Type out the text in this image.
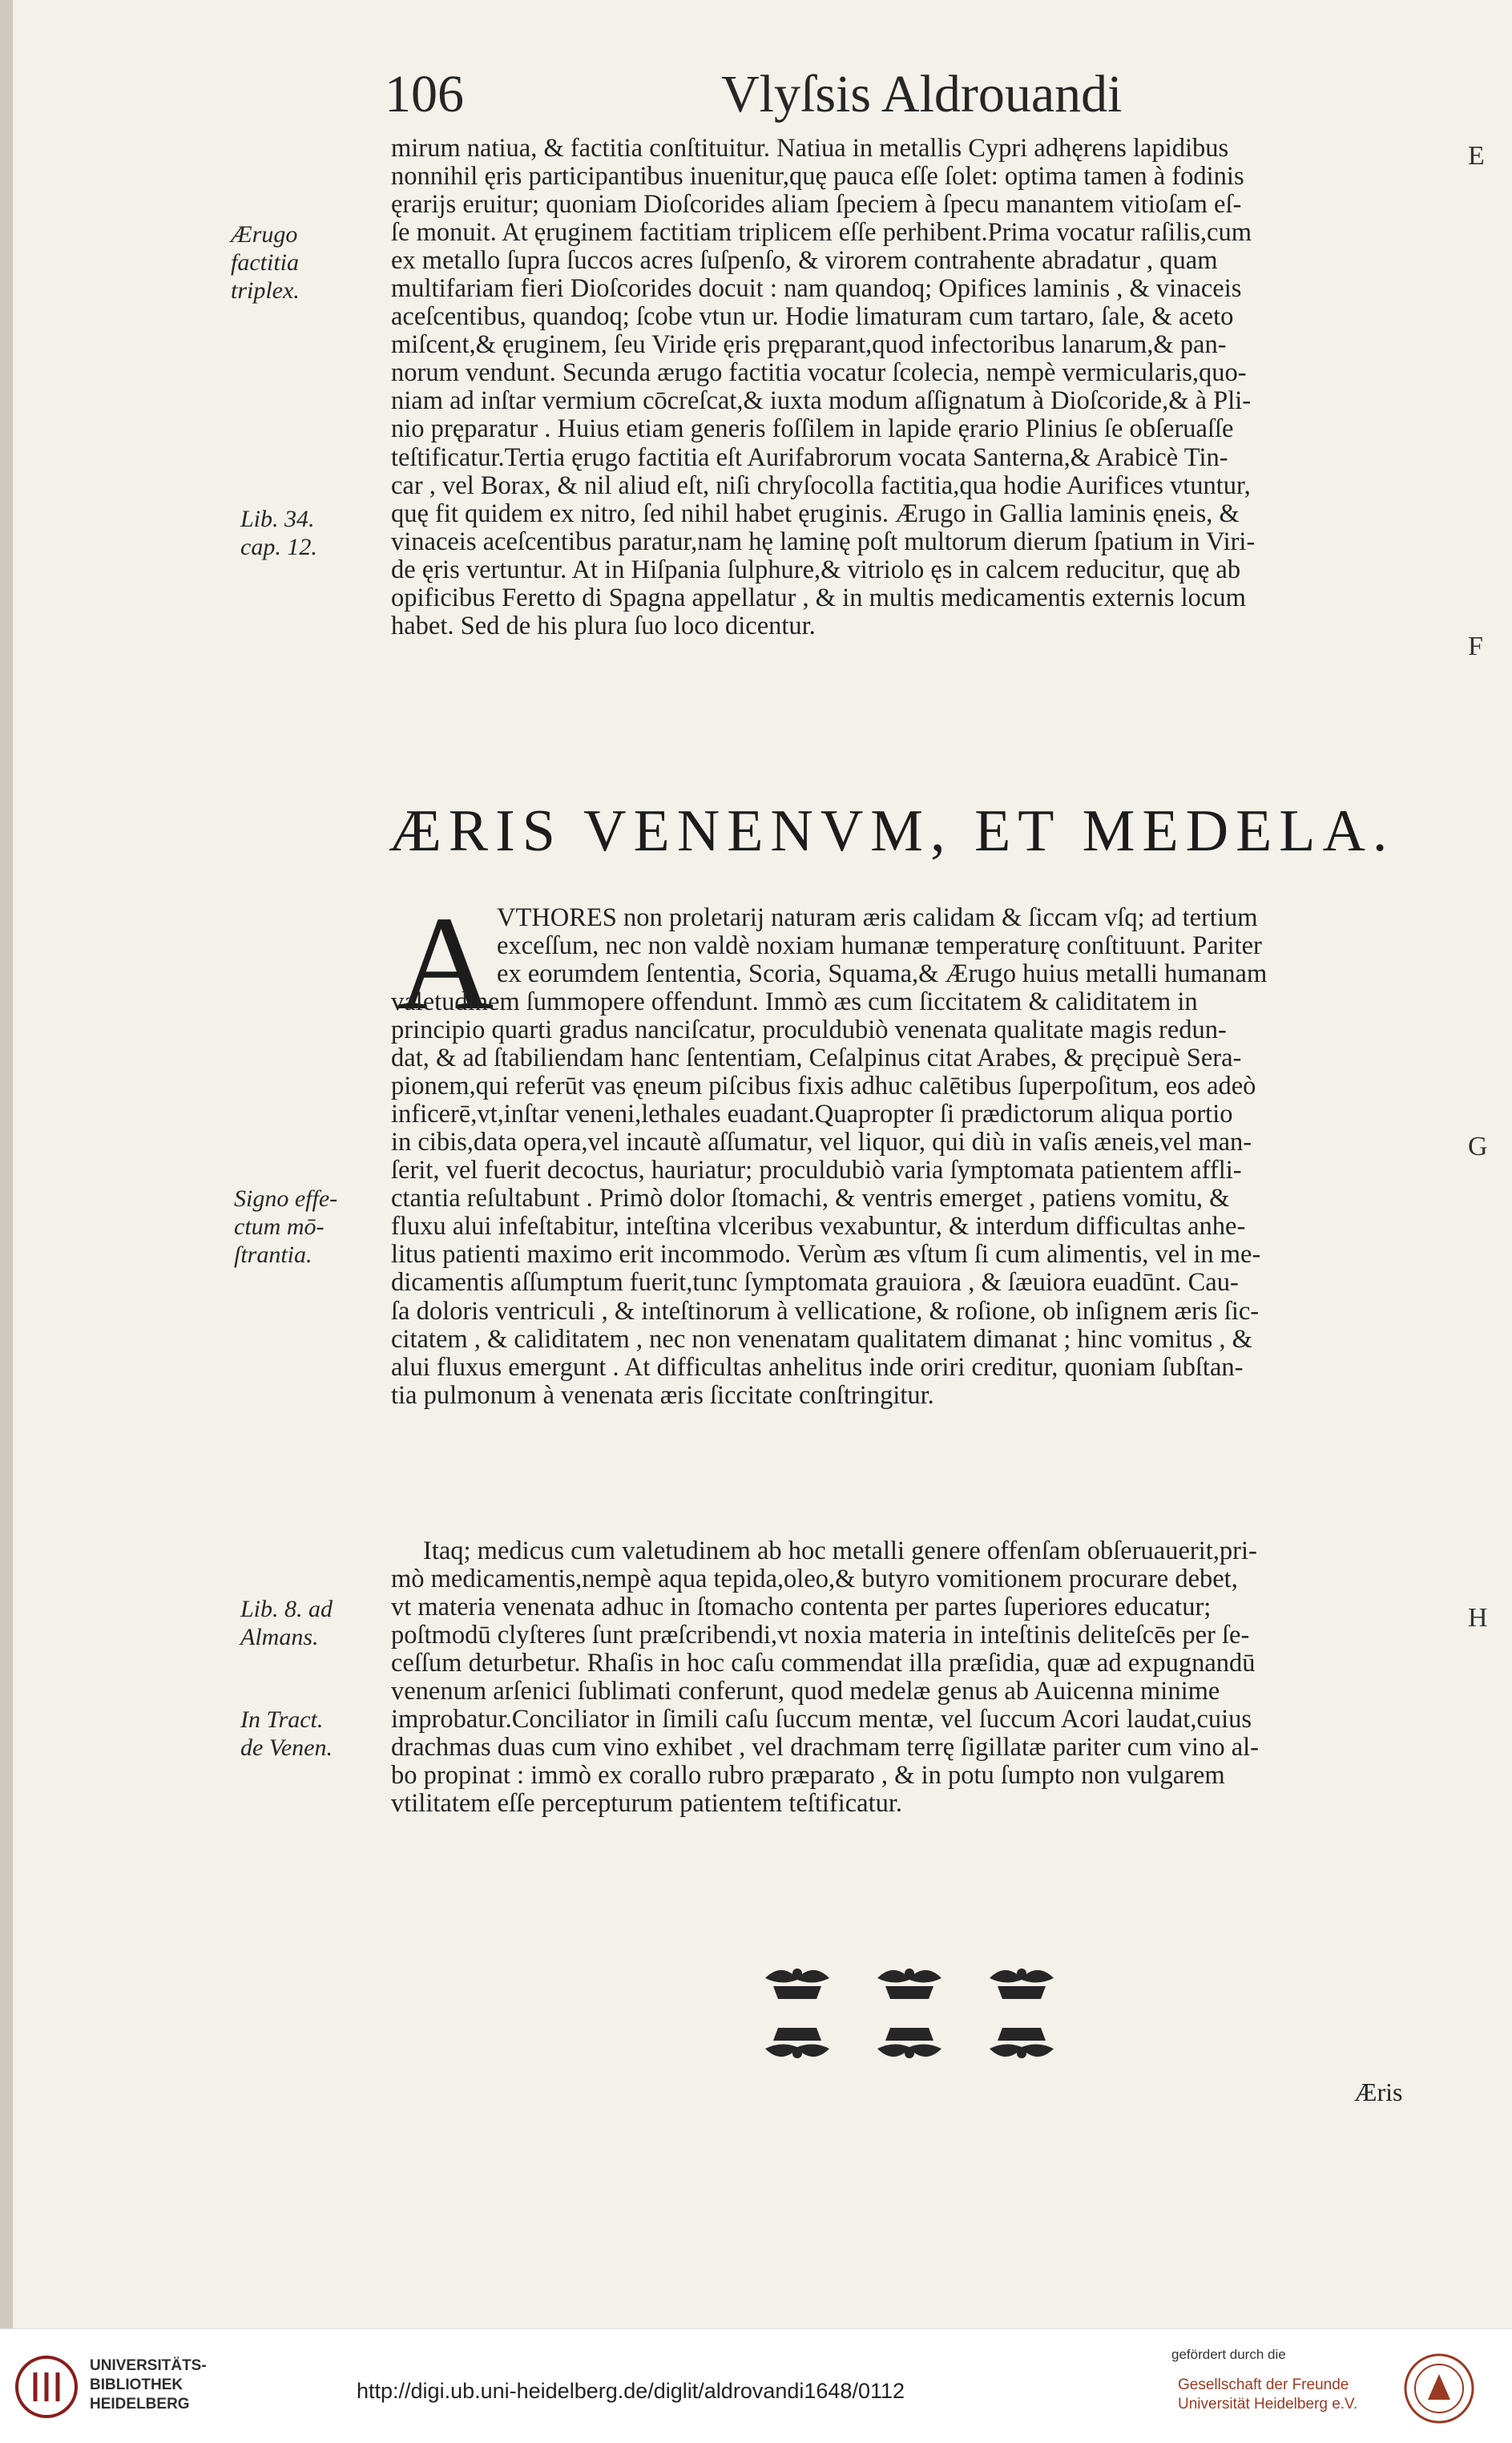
106	Vlyſsis Aldrouandi
mirum natiua, & factitia conſtituitur. Natiua in metallis Cypri adhęrens lapidibus
nonnihil ęris participantibus inuenitur,quę pauca eſſe ſolet: optima tamen à fodinis
ęrarijs eruitur; quoniam Dioſcorides aliam ſpeciem à ſpecu manantem vitioſam eſ-
ſe monuit. At ęruginem factitiam triplicem eſſe perhibent.Prima vocatur raſilis,cum
ex metallo ſupra ſuccos acres ſuſpenſo, & virorem contrahente abradatur , quam
multifariam fieri Dioſcorides docuit : nam quandoq; Opifices laminis , & vinaceis
aceſcentibus, quandoq; ſcobe vtun ur. Hodie limaturam cum tartaro, ſale, & aceto
miſcent,& ęruginem, ſeu Viride ęris pręparant,quod infectoribus lanarum,& pan-
norum vendunt. Secunda ærugo factitia vocatur ſcolecia, nempè vermicularis,quo-
niam ad inſtar vermium cōcreſcat,& iuxta modum aſſignatum à Dioſcoride,& à Pli-
nio pręparatur . Huius etiam generis foſſilem in lapide ęrario Plinius ſe obſeruaſſe
teſtificatur.Tertia ęrugo factitia eſt Aurifabrorum vocata Santerna,& Arabicè Tin-
car , vel Borax, & nil aliud eſt, niſi chryſocolla factitia,qua hodie Aurifices vtuntur,
quę fit quidem ex nitro, ſed nihil habet ęruginis. Ærugo in Gallia laminis ęneis, &
vinaceis aceſcentibus paratur,nam hę laminę poſt multorum dierum ſpatium in Viri-
de ęris vertuntur. At in Hiſpania ſulphure,& vitriolo ęs in calcem reducitur, quę ab
opificibus Feretto di Spagna appellatur , & in multis medicamentis externis locum
habet. Sed de his plura ſuo loco dicentur.
ÆRIS VENENVM, ET MEDELA.
A VTHORES non proletarij naturam æris calidam & ſiccam vſq; ad tertium
exceſſum, nec non valdè noxiam humanæ temperaturę conſtituunt. Pariter
ex eorumdem ſententia, Scoria, Squama,& Ærugo huius metalli humanam
valetudinem ſummopere offendunt. Immò æs cum ſiccitatem & caliditatem in
principio quarti gradus nanciſcatur, proculdubiò venenata qualitate magis redun-
dat, & ad ſtabiliendam hanc ſententiam, Ceſalpinus citat Arabes, & pręcipuè Sera-
pionem,qui referūt vas ęneum piſcibus fixis adhuc calētibus ſuperpoſitum, eos adeò
inficerē,vt,inſtar veneni,lethales euadant.Quapropter ſi prædictorum aliqua portio
in cibis,data opera,vel incautè aſſumatur, vel liquor, qui diù in vaſis æneis,vel man-
ſerit, vel fuerit decoctus, hauriatur; proculdubiò varia ſymptomata patientem affli-
ctantia reſultabunt . Primò dolor ſtomachi, & ventris emerget , patiens vomitu, &
fluxu alui infeſtabitur, inteſtina vlceribus vexabuntur, & interdum difficultas anhe-
litus patienti maximo erit incommodo. Verùm æs vſtum ſi cum alimentis, vel in me-
dicamentis aſſumptum fuerit,tunc ſymptomata grauiora , & ſæuiora euadūnt. Cau-
ſa doloris ventriculi , & inteſtinorum à vellicatione, & roſione, ob inſignem æris ſic-
citatem , & caliditatem , nec non venenatam qualitatem dimanat ; hinc vomitus , &
alui fluxus emergunt . At difficultas anhelitus inde oriri creditur, quoniam ſubſtan-
tia pulmonum à venenata æris ſiccitate conſtringitur.
Itaq; medicus cum valetudinem ab hoc metalli genere offenſam obſeruauerit,pri-
mò medicamentis,nempè aqua tepida,oleo,& butyro vomitionem procurare debet,
vt materia venenata adhuc in ſtomacho contenta per partes ſuperiores educatur;
poſtmodū clyſteres ſunt præſcribendi,vt noxia materia in inteſtinis deliteſcēs per ſe-
ceſſum deturbetur. Rhaſis in hoc caſu commendat illa præſidia, quæ ad expugnandū
venenum arſenici ſublimati conferunt, quod medelæ genus ab Auicenna minime
improbatur.Conciliator in ſimili caſu ſuccum mentæ, vel ſuccum Acori laudat,cuius
drachmas duas cum vino exhibet , vel drachmam terrę ſigillatæ pariter cum vino al-
bo propinat : immò ex corallo rubro præparato , & in potu ſumpto non vulgarem
vtilitatem eſſe percepturum patientem teſtificatur.
Ærugo
factitia
triplex.
Lib. 34.
cap. 12.
Signo effe-
ctum mō-
ſtrantia.
Lib. 8. ad
Almans.
In Tract.
de Venen.
E
F
G
H
Æris
UNIVERSITÄTS-
BIBLIOTHEK
HEIDELBERG
http://digi.ub.uni-heidelberg.de/diglit/aldrovandi1648/0112
gefördert durch die
Gesellschaft der Freunde
Universität Heidelberg e.V.
